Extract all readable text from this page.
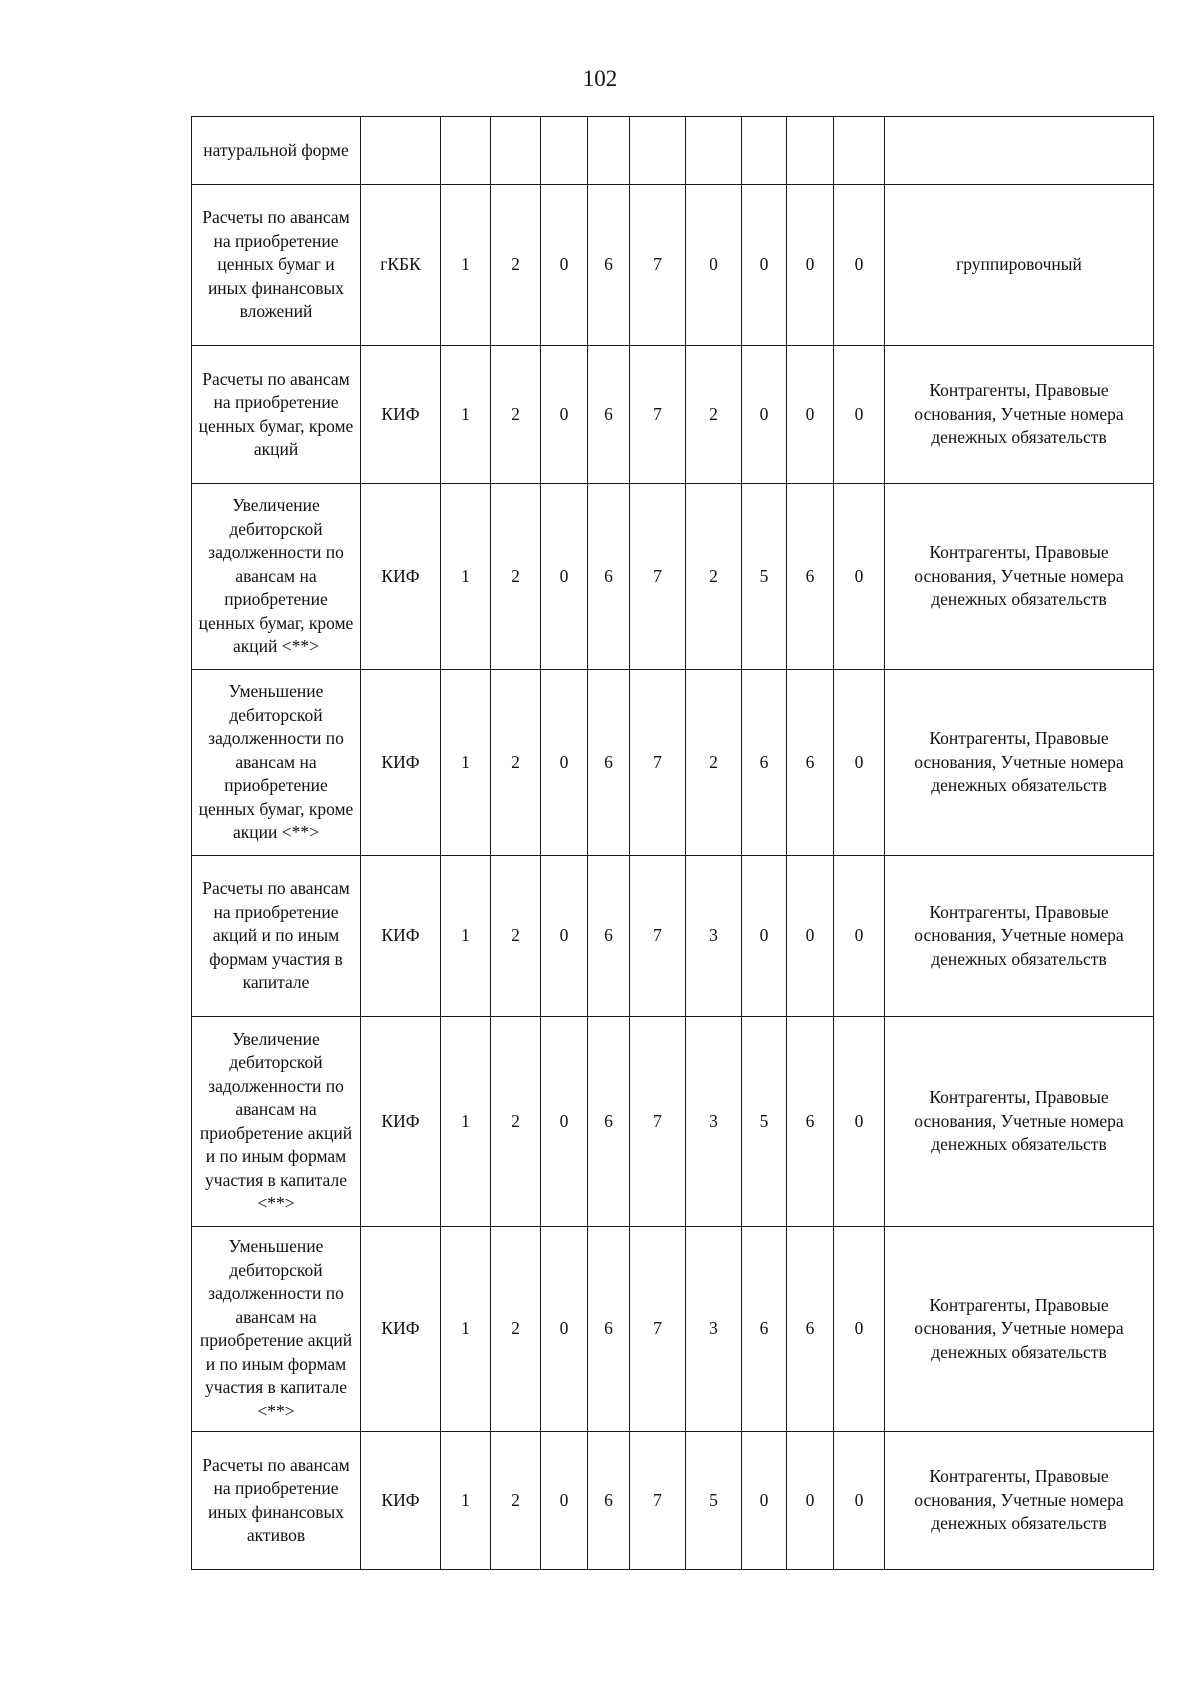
102
натуральной форме											
Расчеты по авансам на приобретение ценных бумаг и иных финансовых вложений	гКБК	1	2	0	6	7	0	0	0	0	группировочный
Расчеты по авансам на приобретение ценных бумаг, кроме акций	КИФ	1	2	0	6	7	2	0	0	0	Контрагенты, Правовые основания, Учетные номера денежных обязательств
Увеличение дебиторской задолженности по авансам на приобретение ценных бумаг, кроме акций <**>	КИФ	1	2	0	6	7	2	5	6	0	Контрагенты, Правовые основания, Учетные номера денежных обязательств
Уменьшение дебиторской задолженности по авансам на приобретение ценных бумаг, кроме акции <**>	КИФ	1	2	0	6	7	2	6	6	0	Контрагенты, Правовые основания, Учетные номера денежных обязательств
Расчеты по авансам на приобретение акций и по иным формам участия в капитале	КИФ	1	2	0	6	7	3	0	0	0	Контрагенты, Правовые основания, Учетные номера денежных обязательств
Увеличение дебиторской задолженности по авансам на приобретение акций и по иным формам участия в капитале <**>	КИФ	1	2	0	6	7	3	5	6	0	Контрагенты, Правовые основания, Учетные номера денежных обязательств
Уменьшение дебиторской задолженности по авансам на приобретение акций и по иным формам участия в капитале <**>	КИФ	1	2	0	6	7	3	6	6	0	Контрагенты, Правовые основания, Учетные номера денежных обязательств
Расчеты по авансам на приобретение иных финансовых активов	КИФ	1	2	0	6	7	5	0	0	0	Контрагенты, Правовые основания, Учетные номера денежных обязательств
